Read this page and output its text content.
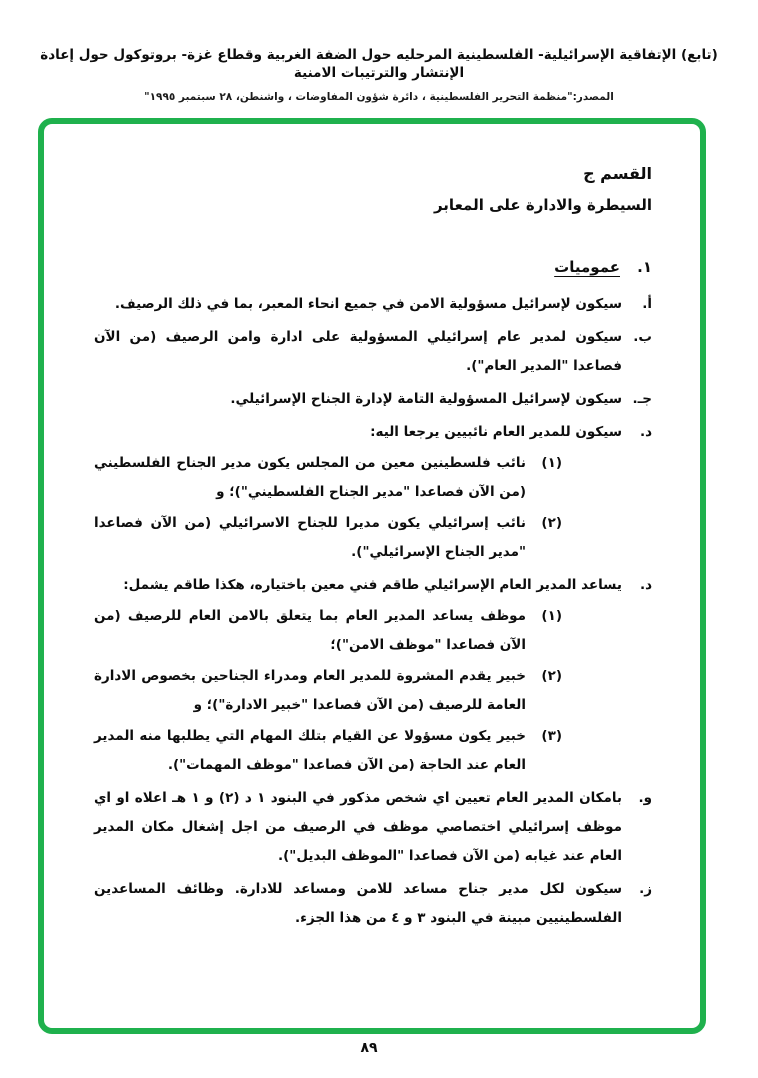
(تابع) الإتفاقية الإسرائيلية- الفلسطينية المرحليه حول الضفة الغربية وقطاع غزة- بروتوكول حول إعادة الإنتشار والترتيبات الامنية
المصدر:"منظمة التحرير الفلسطينية ، دائرة شؤون المفاوضات ، واشنطن، ٢٨ سبتمبر ١٩٩٥"
القسم ج
السيطرة والادارة على المعابر
١.
عموميات
أ.

سيكون لإسرائيل مسؤولية الامن في جميع انحاء المعبر، بما في ذلك الرصيف.

ب.

سيكون لمدير عام إسرائيلي المسؤولية على ادارة وامن الرصيف (من الآن فصاعدا "المدير العام").

جـ.

سيكون لإسرائيل المسؤولية التامة لإدارة الجناح الإسرائيلي.

د.

سيكون للمدير العام نائبيين يرجعا اليه:

(١)

نائب فلسطينين معين من المجلس يكون مدير الجناح الفلسطيني (من الآن فصاعدا "مدير الجناح الفلسطيني")؛ و

(٢)

نائب إسرائيلي يكون مديرا للجناح الاسرائيلي (من الآن فصاعدا "مدير الجناح الإسرائيلي").

د.

يساعد المدير العام الإسرائيلي طاقم فني معين باختياره، هكذا طاقم يشمل:

(١)

موظف يساعد المدير العام بما يتعلق بالامن العام للرصيف (من الآن فصاعدا "موظف الامن")؛

(٢)

خبير يقدم المشروة للمدير العام ومدراء الجناحين بخصوص الادارة العامة للرصيف (من الآن فصاعدا "خبير الادارة")؛ و

(٣)

خبير يكون مسؤولا عن القيام بتلك المهام التي يطلبها منه المدير العام عند الحاجة (من الآن فصاعدا "موظف المهمات").

و.

بامكان المدير العام تعيين اي شخص مذكور في البنود ١ د (٢) و ١ هـ اعلاه او اي موظف إسرائيلي اختصاصي موظف في الرصيف من اجل إشغال مكان المدير العام عند غيابه (من الآن فصاعدا "الموظف البديل").

ز.

سيكون لكل مدير جناح مساعد للامن ومساعد للادارة. وظائف المساعدين الفلسطينيين مبينة في البنود ٣ و ٤ من هذا الجزء.

٨٩
